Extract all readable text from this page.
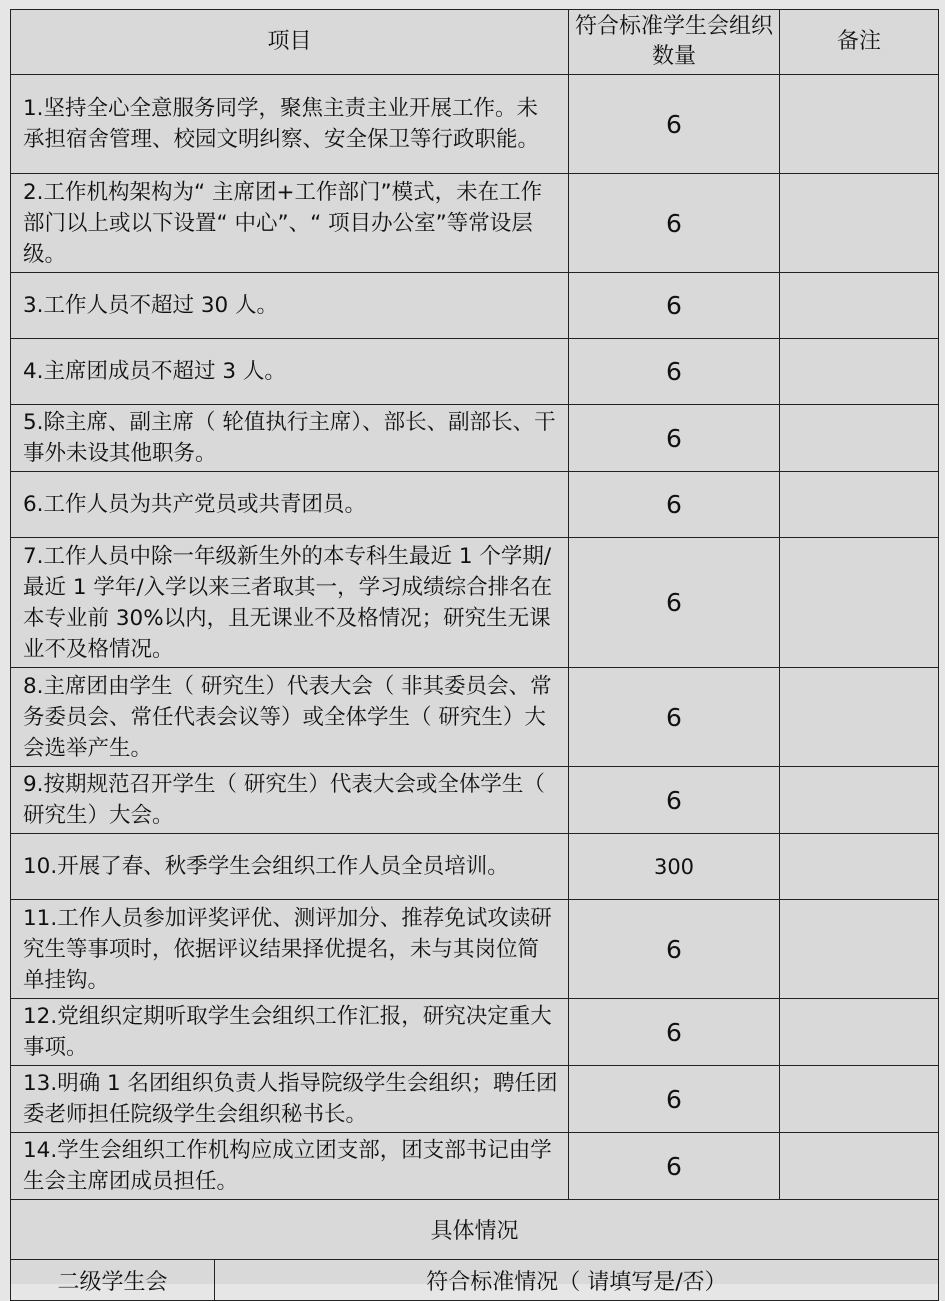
项目	符合标准学生会组织数量	备注
1.坚持全心全意服务同学，聚焦主责主业开展工作。未承担宿舍管理、校园文明纠察、安全保卫等行政职能。	6	
2.工作机构架构为“ 主席团+工作部门”模式，未在工作部门以上或以下设置“ 中心”、“ 项目办公室”等常设层级。	6	
3.工作人员不超过 30 人。	6	
4.主席团成员不超过 3 人。	6	
5.除主席、副主席（ 轮值执行主席）、部长、副部长、干事外未设其他职务。	6	
6.工作人员为共产党员或共青团员。	6	
7.工作人员中除一年级新生外的本专科生最近 1 个学期/最近 1 学年/入学以来三者取其一，学习成绩综合排名在本专业前 30%以内，且无课业不及格情况；研究生无课业不及格情况。	6	
8.主席团由学生（ 研究生）代表大会（ 非其委员会、常务委员会、常任代表会议等）或全体学生（ 研究生）大会选举产生。	6	
9.按期规范召开学生（ 研究生）代表大会或全体学生（ 研究生）大会。	6	
10.开展了春、秋季学生会组织工作人员全员培训。	300	
11.工作人员参加评奖评优、测评加分、推荐免试攻读研究生等事项时，依据评议结果择优提名，未与其岗位简单挂钩。	6	
12.党组织定期听取学生会组织工作汇报，研究决定重大事项。	6	
13.明确 1 名团组织负责人指导院级学生会组织；聘任团委老师担任院级学生会组织秘书长。	6	
14.学生会组织工作机构应成立团支部，团支部书记由学生会主席团成员担任。	6	
具体情况		
二级学生会	符合标准情况（ 请填写是/否）
